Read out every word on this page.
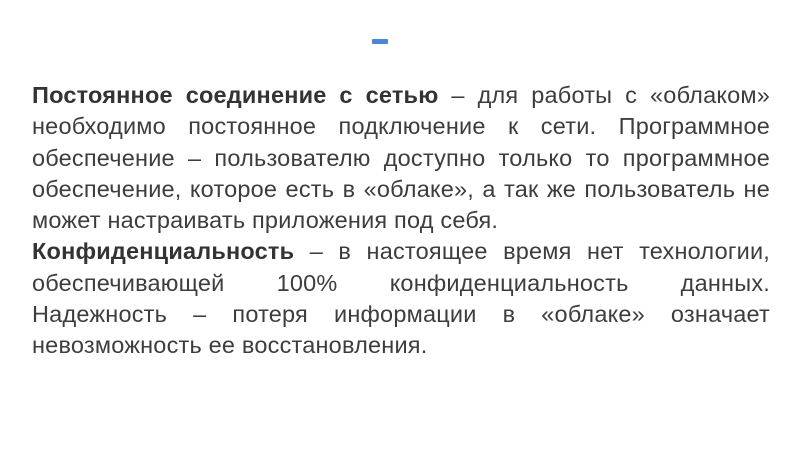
Постоянное соединение с сетью – для работы с «облаком» необходимо постоянное подключение к сети. Программное обеспечение – пользователю доступно только то программное обеспечение, которое есть в «облаке», а так же пользователь не может настраивать приложения под себя.

Конфиденциальность – в настоящее время нет технологии, обеспечивающей 100% конфиденциальность данных. Надежность – потеря информации в «облаке» означает невозможность ее восстановления.
